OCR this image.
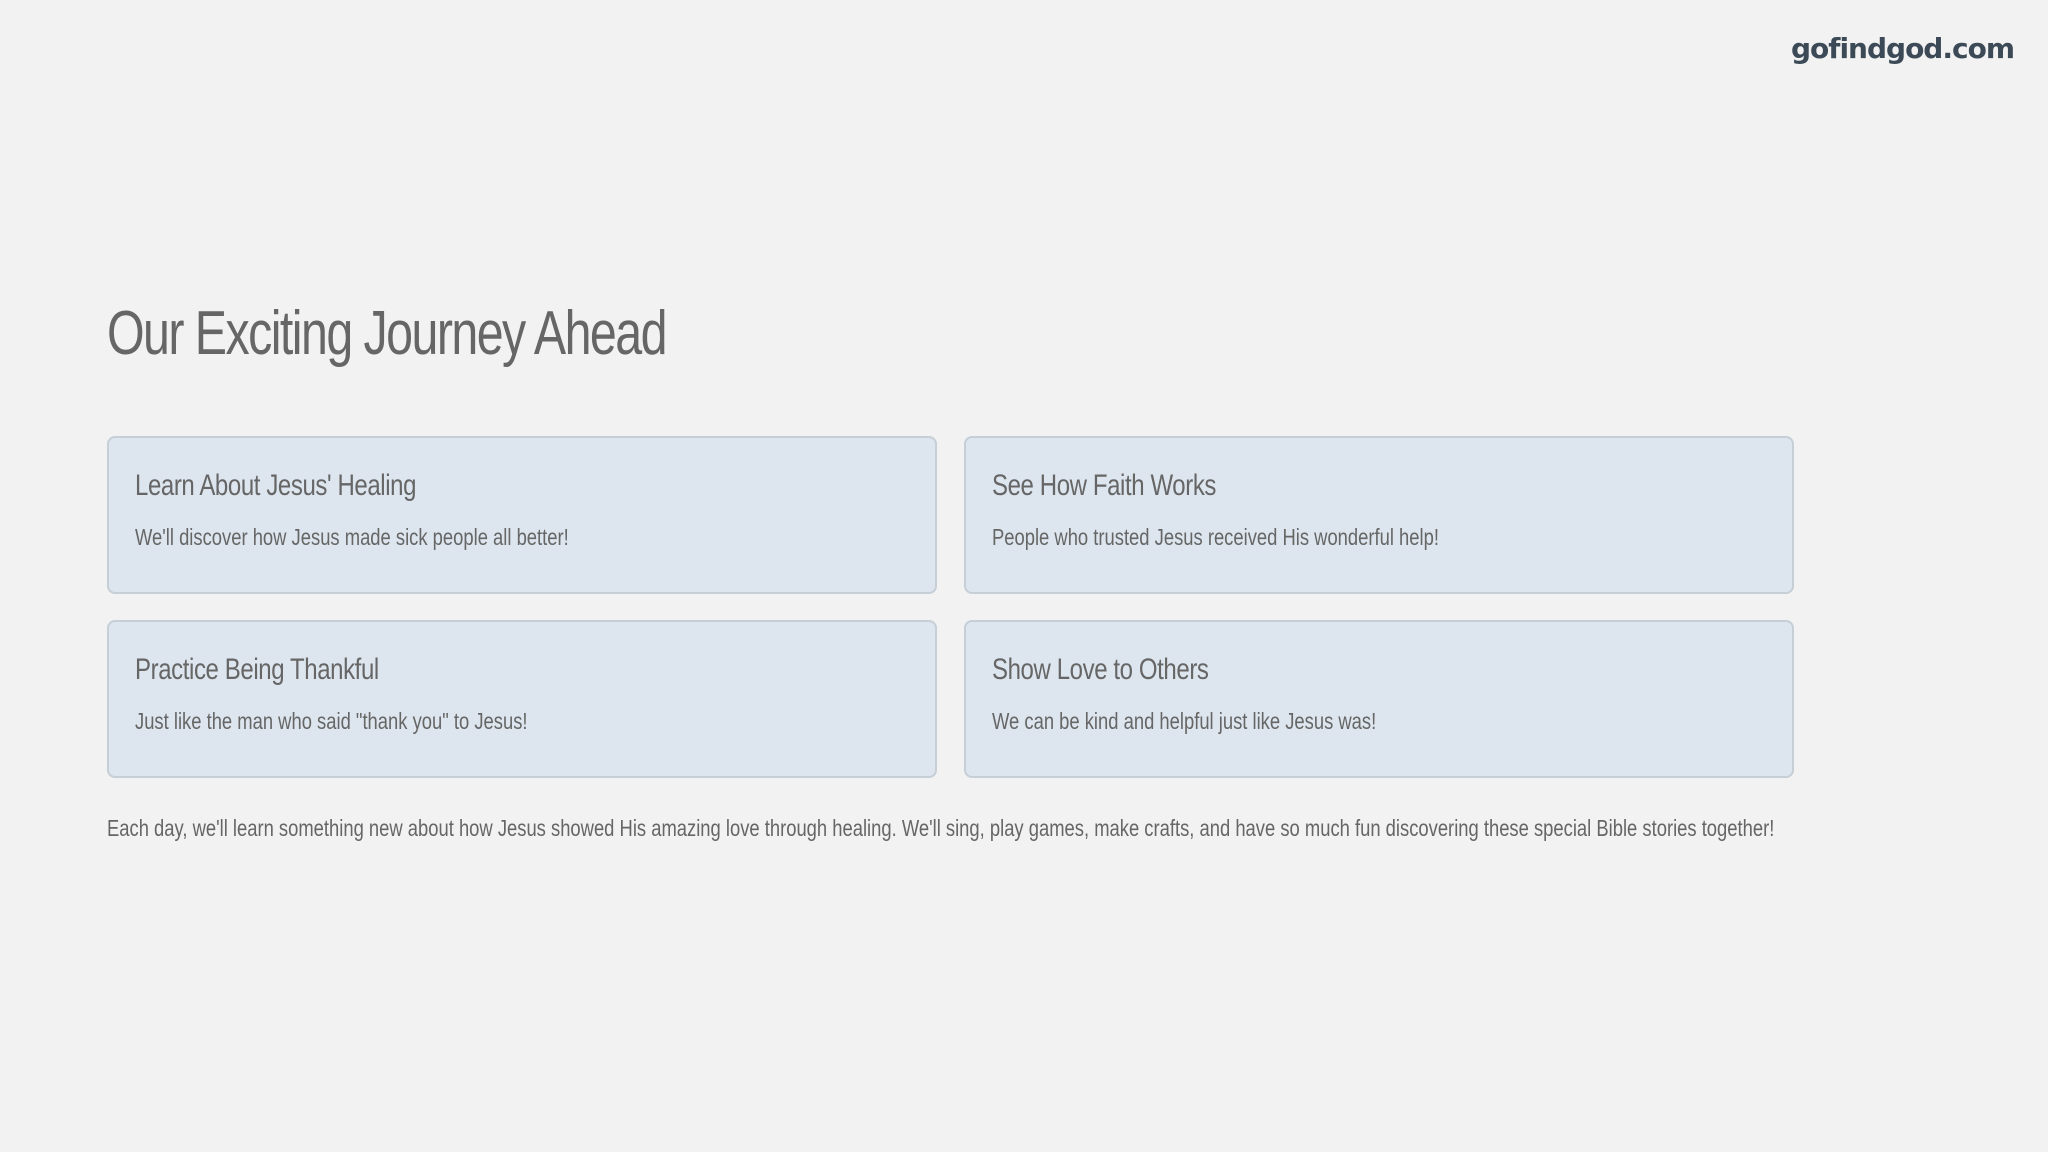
gofindgod.com
Our Exciting Journey Ahead
Learn About Jesus' Healing
We'll discover how Jesus made sick people all better!
See How Faith Works
People who trusted Jesus received His wonderful help!
Practice Being Thankful
Just like the man who said "thank you" to Jesus!
Show Love to Others
We can be kind and helpful just like Jesus was!
Each day, we'll learn something new about how Jesus showed His amazing love through healing. We'll sing, play games, make crafts, and have so much fun discovering these special Bible stories together!
